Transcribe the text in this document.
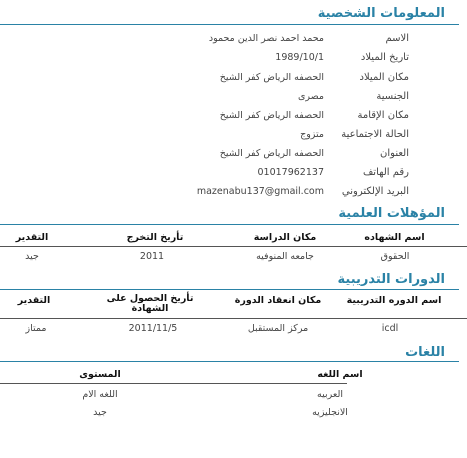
المعلومات الشخصية
الاسم
محمد احمد نصر الدين محمود
تاريخ الميلاد
1989/10/1
مكان الميلاد
الحصفه الرياض كفر الشيخ
الجنسية
مصرى
مكان الإقامة
الحصفه الرياض كفر الشيخ
الحالة الاجتماعية
متزوج
العنوان
الحصفه الرياض كفر الشيخ
رقم الهاتف
01017962137
البريد الإلكتروني
mazenabu137@gmail.com
المؤهلات العلمية
اسم الشهاده
مكان الدراسة
تأريخ التخرج
التقدير
الحقوق
جامعه المنوفيه
2011
جيد
الدورات التدريبية
اسم الدوره التدريبية
مكان انعقاد الدورة
تأريخ الحصول على الشهادة
التقدير
icdl
مركز المستقبل
2011/11/5
ممتاز
اللغات
اسم اللغه
المستوى
العربيه
اللغه الام
الانجليزيه
جيد
